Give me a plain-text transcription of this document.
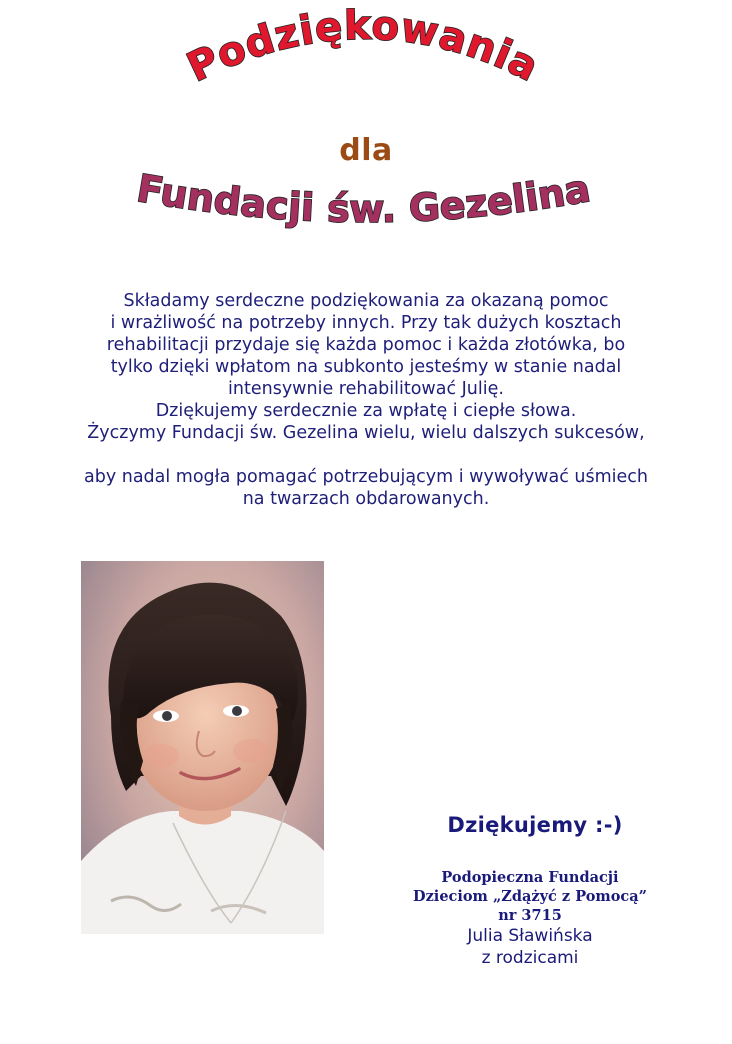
Podziękowania
dla
Fundacji św. Gezelina

Składamy serdeczne podziękowania za okazaną pomoc

i wrażliwość na potrzeby innych. Przy tak dużych kosztach

rehabilitacji przydaje się każda pomoc i każda złotówka, bo

tylko dzięki wpłatom na subkonto jesteśmy w stanie nadal

intensywnie rehabilitować Julię.

Dziękujemy serdecznie za wpłatę i ciepłe słowa.

Życzymy Fundacji św. Gezelina wielu, wielu dalszych sukcesów,

aby nadal mogła pomagać potrzebującym i wywoływać uśmiech

na twarzach obdarowanych.

Dziękujemy :-)
Podopieczna Fundacji
Dzieciom „Zdążyć z Pomocą”
nr 3715
Julia Sławińska
z rodzicami
